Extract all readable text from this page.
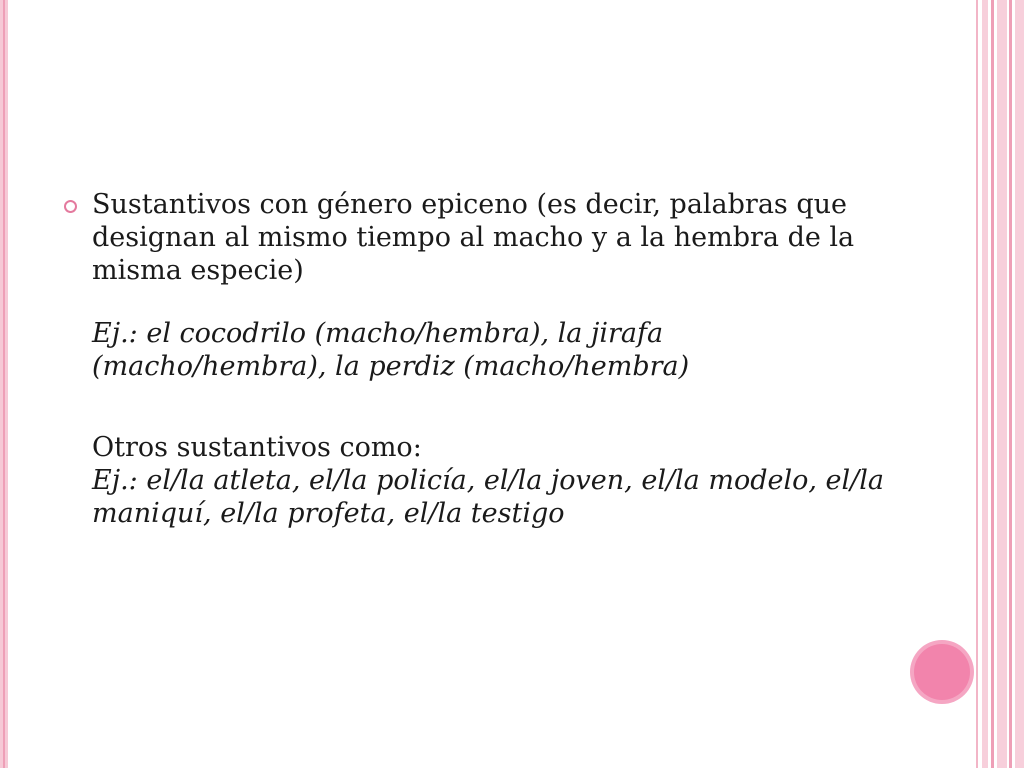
Sustantivos con género epiceno (es decir, palabras que designan al mismo tiempo al macho y a la hembra de la misma especie)

Ej.: el cocodrilo (macho/hembra), la jirafa (macho/hembra), la perdiz (macho/hembra)

Otros sustantivos como:

Ej.: el/la atleta, el/la policía, el/la joven, el/la modelo, el/la maniquí, el/la profeta, el/la testigo
